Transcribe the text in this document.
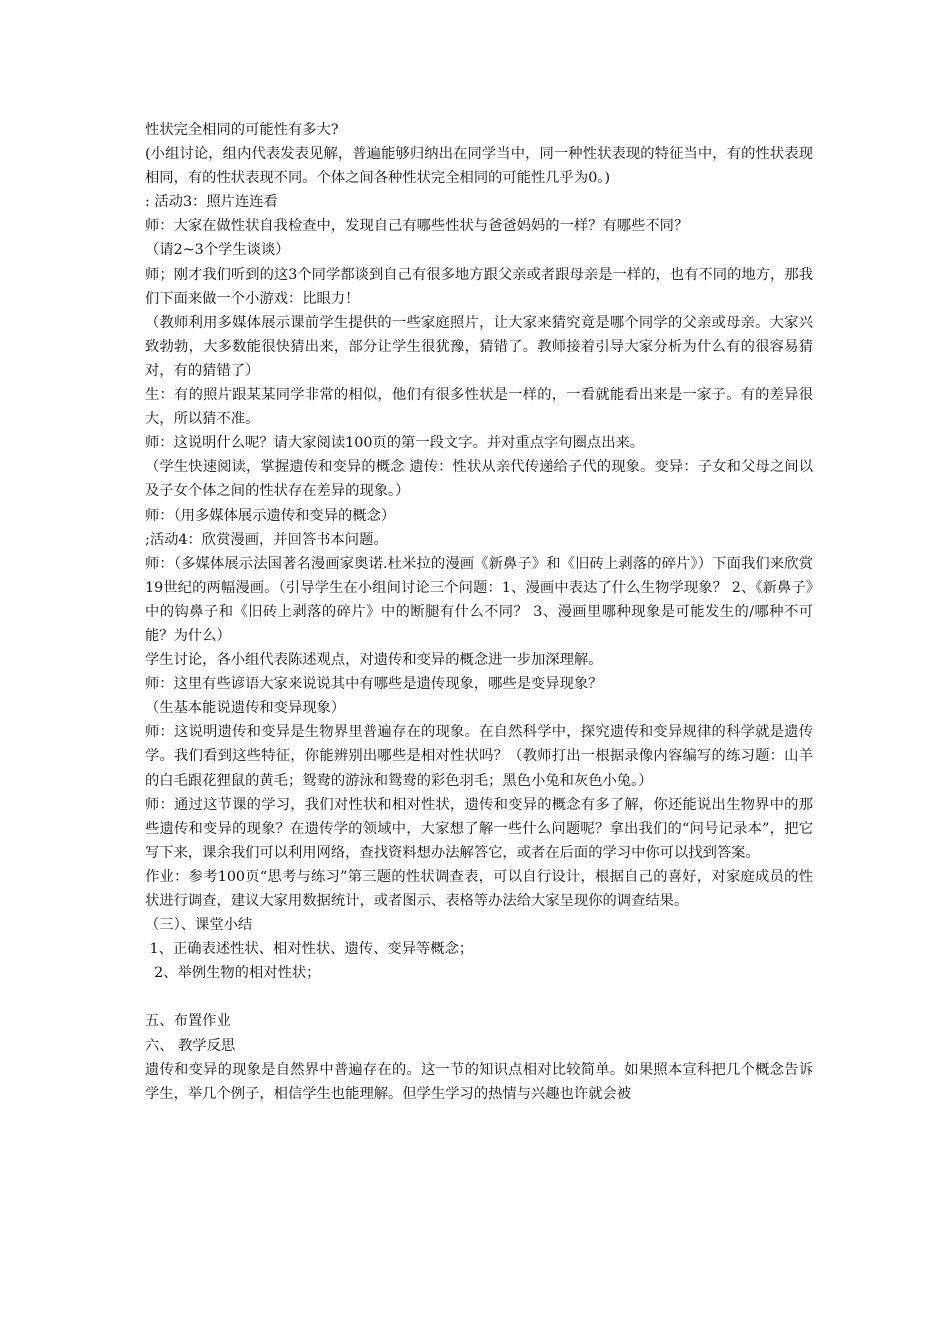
性状完全相同的可能性有多大?

(小组讨论，组内代表发表见解，普遍能够归纳出在同学当中，同一种性状表现的特征当中，有的性状表现相同，有的性状表现不同。个体之间各种性状完全相同的可能性几乎为0。)

: 活动3：照片连连看

师：大家在做性状自我检查中，发现自己有哪些性状与爸爸妈妈的一样？有哪些不同？

（请2~3个学生谈谈）

师；刚才我们听到的这3个同学都谈到自己有很多地方跟父亲或者跟母亲是一样的，也有不同的地方，那我们下面来做一个小游戏：比眼力！

（教师利用多媒体展示课前学生提供的一些家庭照片，让大家来猜究竟是哪个同学的父亲或母亲。大家兴致勃勃，大多数能很快猜出来，部分让学生很犹豫，猜错了。教师接着引导大家分析为什么有的很容易猜对，有的猜错了）

生：有的照片跟某某同学非常的相似，他们有很多性状是一样的，一看就能看出来是一家子。有的差异很大，所以猜不准。

师：这说明什么呢？请大家阅读100页的第一段文字。并对重点字句圈点出来。

（学生快速阅读，掌握遗传和变异的概念 遗传：性状从亲代传递给子代的现象。变异：子女和父母之间以及子女个体之间的性状存在差异的现象。）

师：（用多媒体展示遗传和变异的概念）

;活动4：欣赏漫画，并回答书本问题。

师：（多媒体展示法国著名漫画家奥诺.杜米拉的漫画《新鼻子》和《旧砖上剥落的碎片》）下面我们来欣赏19世纪的两幅漫画。（引导学生在小组间讨论三个问题：1、漫画中表达了什么生物学现象？ 2、《新鼻子》中的钩鼻子和《旧砖上剥落的碎片》中的断腿有什么不同？ 3、漫画里哪种现象是可能发生的/哪种不可能？为什么）

学生讨论，各小组代表陈述观点，对遗传和变异的概念进一步加深理解。

师：这里有些谚语大家来说说其中有哪些是遗传现象，哪些是变异现象？

（生基本能说遗传和变异现象）

师：这说明遗传和变异是生物界里普遍存在的现象。在自然科学中，探究遗传和变异规律的科学就是遗传学。我们看到这些特征，你能辨别出哪些是相对性状吗？（教师打出一根据录像内容编写的练习题：山羊的白毛跟花狸鼠的黄毛；鸳鸯的游泳和鸳鸯的彩色羽毛；黑色小兔和灰色小兔。）

师：通过这节课的学习，我们对性状和相对性状，遗传和变异的概念有多了解，你还能说出生物界中的那些遗传和变异的现象？在遗传学的领域中，大家想了解一些什么问题呢？拿出我们的“问号记录本”，把它写下来，课余我们可以利用网络，查找资料想办法解答它，或者在后面的学习中你可以找到答案。

作业：参考100页“思考与练习”第三题的性状调查表，可以自行设计，根据自己的喜好，对家庭成员的性状进行调查，建议大家用数据统计，或者图示、表格等办法给大家呈现你的调查结果。

（三）、课堂小结

1、正确表述性状、相对性状、遗传、变异等概念；

2、举例生物的相对性状；

五、布置作业

六、 教学反思

遗传和变异的现象是自然界中普遍存在的。这一节的知识点相对比较简单。如果照本宣科把几个概念告诉学生，举几个例子，相信学生也能理解。但学生学习的热情与兴趣也许就会被
